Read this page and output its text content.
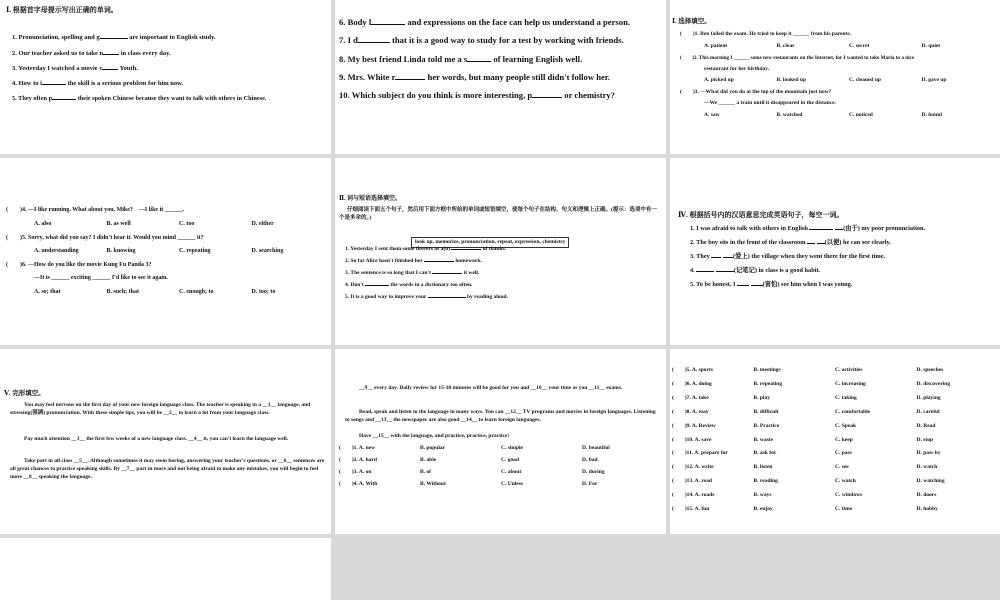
Ⅰ. 根据首字母提示写出正确的单词。
1. Pronunciation, spelling and g	are important to English study.
2. Our teacher asked us to take n in class every day.
3. Yesterday I watched a movie c Youth.
4. How to i	the skill is a serious problem for him now.
5. They often p	their spoken Chinese because they want to talk with others in Chinese.
6. Body l	and expressions on the face can help us understand a person.
7. I d	that it is a good way to study for a test by working with friends.
8. My best friend Linda told me a s	of learning English well.
9. Mrs. White r	her words, but many people still didn't follow her.
10. Which subject do you think is more interesting, p	or chemistry?
Ⅰ. 选择填空。
(　　)1. Ben failed the exam. He tried to keep it ______ from his parents.
A. patient	B. clear	C. secret	D. quiet
(　　)2. This morning I ______ some new restaurants on the Internet, for I wanted to take Maria to a nice
restaurant for her birthday.
A. picked up	B. looked up	C. cleaned up	D. gave up
(　　)3. —What did you do at the top of the mountain just now?
—We ______ a train until it disappeared in the distance.
A. saw	B. watched	C. noticed	D. found
(　　)4. —I like running. What about you, Mike?　—I like it ______.
A. also	B. as well	C. too	D. either
(　　)5. Sorry, what did you say? I didn't hear it. Would you mind ______ it?
A. understanding	B. knowing	C. repeating	D. searching
(　　)6. —How do you like the movie Kung Fu Panda 3?
—It is ______ exciting ______ I'd like to see it again.
A. so; that	B. such; that	C. enough; to	D. too; to
Ⅱ. 词与短语选择填空。
仔细阅读下面五个句子，然后用下面方框中所给的单词或短语填空，使每个句子在结构、句义和逻辑上正确。(提示：选项中有一个是多余的。)
look up, memorize, pronunciation, repeat, expression, chemistry
1. Yesterday I sent them some flowers as a(n)	of thanks.
2. So far Alice hasn't finished her	homework.
3. The sentence is so long that I can't	it well.
4. Don't	the words in a dictionary too often.
5. It is a good way to improve your	by reading aloud.
Ⅳ. 根据括号内的汉语意思完成英语句子，每空一词。
1. I was afraid to talk with others in English	(由于) my poor pronunciation.
2. The boy sits in the front of the classroom	(以便) he can see clearly.
3. They	(爱上) the village when they went there for the first time.
4.	(记笔记) in class is a good habit.
5. To be honest, I	(害怕) see him when I was young.
Ⅴ. 完形填空。
You may feel nervous on the first day of your new foreign language class. The teacher is speaking in a __1__ language, and stressing(强调) pronunciation. With these simple tips, you will be __2__ to learn a lot from your language class.
Pay much attention __3__ the first few weeks of a new language class. __4__ it, you can't learn the language well.
Take part in all class __5__. Although sometimes it may seem boring, answering your teacher's questions, or __6__ sentences are all great chances to practice speaking skills. By __7__ part in more and not being afraid to make any mistakes, you will begin to feel more __8__ speaking the language.
__9__ every day. Daily review for 15-30 minutes will be good for you and __10__ your time as you __11__ exams.
Read, speak and listen to the language in many ways. You can __12__ TV programs and movies in foreign languages. Listening to songs and __13__ the newspaper are also good __14__ to learn foreign languages.
Have __15__ with the language, and practice, practice, practice!
(　　)1. A. new	B. popular	C. simple	D. beautiful
(　　)2. A. hard	B. able	C. good	D. bad
(　　)3. A. on	B. of	C. about	D. during
(　　)4. A. With	B. Without	C. Unless	D. For
(　　)5. A. sports	B. meetings	C. activities	D. speeches
(　　)6. A. doing	B. repeating	C. increasing	D. discovering
(　　)7. A. take	B. play	C. taking	D. playing
(　　)8. A. easy	B. difficult	C. comfortable	D. careful
(　　)9. A. Review	B. Practice	C. Speak	D. Read
(　　)10. A. save	B. waste	C. keep	D. stop
(　　)11. A. prepare for	B. ask for	C. pass	D. pass by
(　　)12. A. write	B. listen	C. see	D. watch
(　　)13. A. read	B. reading	C. watch	D. watching
(　　)14. A. roads	B. ways	C. windows	D. doors
(　　)15. A. fun	B. enjoy	C. time	D. hobby
